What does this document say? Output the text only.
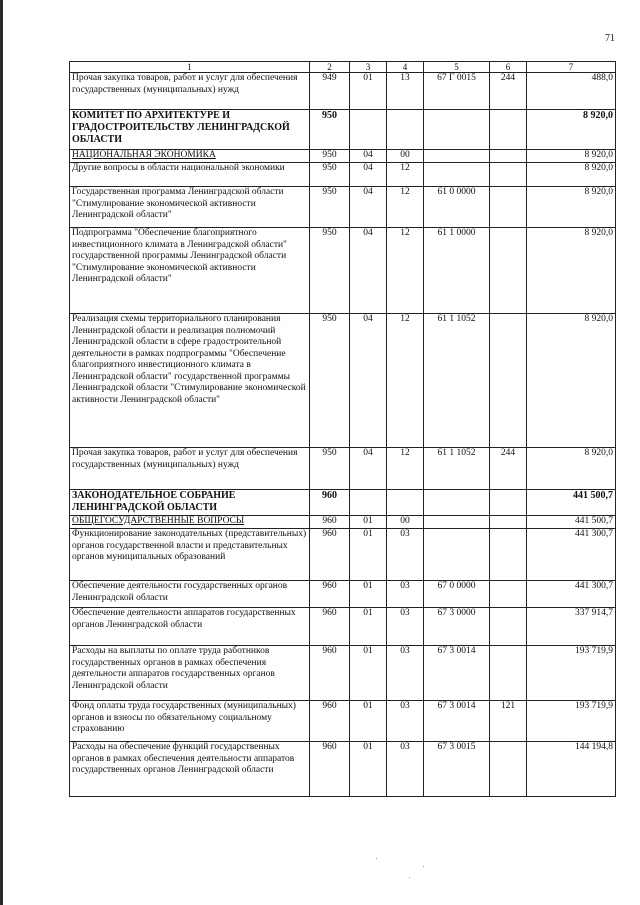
71
1	2	3	4	5	6	7
Прочая закупка товаров, работ и услуг для обеспечения государственных (муниципальных) нужд	949	01	13	67 Г 0015	244	488,0
КОМИТЕТ ПО АРХИТЕКТУРЕ И ГРАДОСТРОИТЕЛЬСТВУ ЛЕНИНГРАДСКОЙ ОБЛАСТИ	950					8 920,0
НАЦИОНАЛЬНАЯ ЭКОНОМИКА	950	04	00			8 920,0
Другие вопросы в области национальной экономики	950	04	12			8 920,0
Государственная программа Ленинградской области "Стимулирование экономической активности Ленинградской области"	950	04	12	61 0 0000		8 920,0
Подпрограмма "Обеспечение благоприятного инвестиционного климата в Ленинградской области" государственной программы Ленинградской области "Стимулирование экономической активности Ленинградской области"	950	04	12	61 1 0000		8 920,0
Реализация схемы территориального планирования Ленинградской области и реализация полномочий Ленинградской области в сфере градостроительной деятельности в рамках подпрограммы "Обеспечение благоприятного инвестиционного климата в Ленинградской области" государственной программы Ленинградской области "Стимулирование экономической активности Ленинградской области"	950	04	12	61 1 1052		8 920,0
Прочая закупка товаров, работ и услуг для обеспечения государственных (муниципальных) нужд	950	04	12	61 1 1052	244	8 920,0
ЗАКОНОДАТЕЛЬНОЕ СОБРАНИЕ ЛЕНИНГРАДСКОЙ ОБЛАСТИ	960					441 500,7
ОБЩЕГОСУДАРСТВЕННЫЕ ВОПРОСЫ	960	01	00			441 500,7
Функционирование законодательных (представительных) органов государственной власти и представительных органов муниципальных образований	960	01	03			441 300,7
Обеспечение деятельности государственных органов Ленинградской области	960	01	03	67 0 0000		441 300,7
Обеспечение деятельности аппаратов государственных органов Ленинградской области	960	01	03	67 3 0000		337 914,7
Расходы на выплаты по оплате труда работников государственных органов в рамках обеспечения деятельности аппаратов государственных органов Ленинградской области	960	01	03	67 3 0014		193 719,9
Фонд оплаты труда государственных (муниципальных) органов и взносы по обязательному социальному страхованию	960	01	03	67 3 0014	121	193 719,9
Расходы на обеспечение функций государственных органов в рамках обеспечения деятельности аппаратов государственных органов Ленинградской области	960	01	03	67 3 0015		144 194,8
